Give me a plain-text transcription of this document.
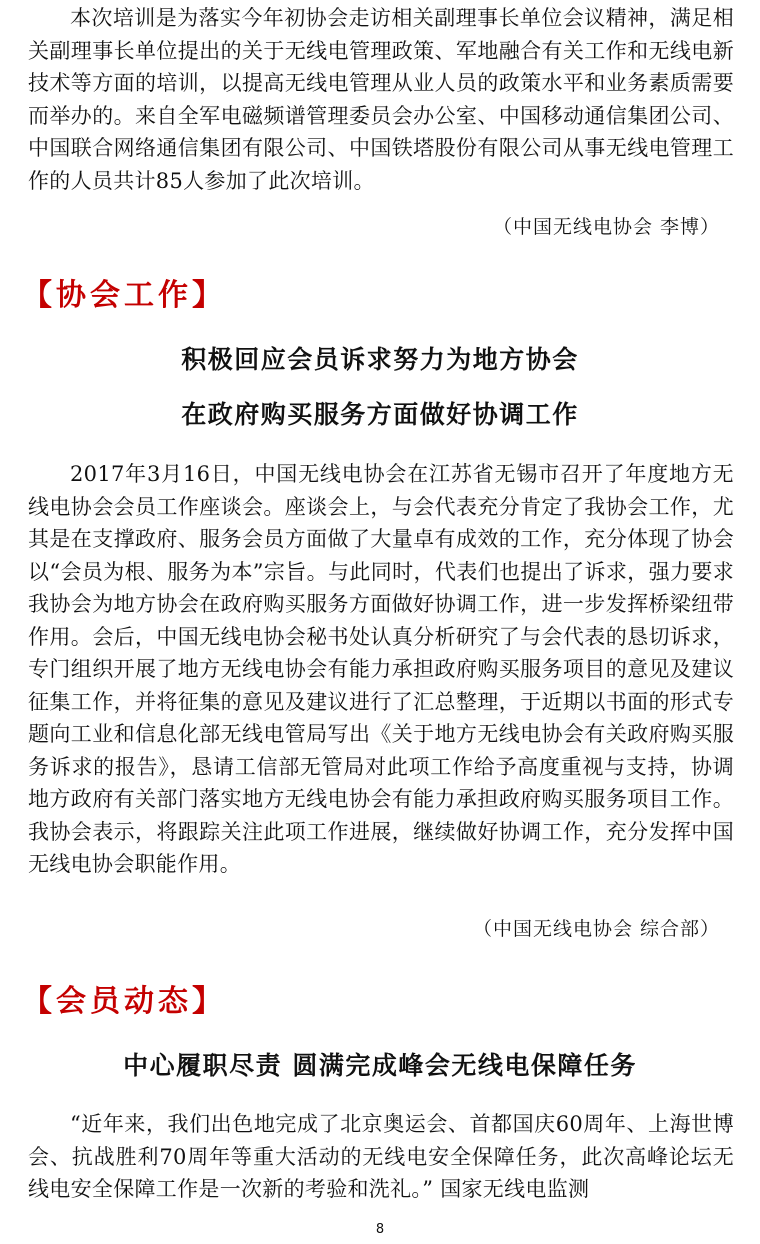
本次培训是为落实今年初协会走访相关副理事长单位会议精神，满足相关副理事长单位提出的关于无线电管理政策、军地融合有关工作和无线电新技术等方面的培训，以提高无线电管理从业人员的政策水平和业务素质需要而举办的。来自全军电磁频谱管理委员会办公室、中国移动通信集团公司、中国联合网络通信集团有限公司、中国铁塔股份有限公司从事无线电管理工作的人员共计85人参加了此次培训。

（中国无线电协会 李博）
【协会工作】
积极回应会员诉求努力为地方协会
在政府购买服务方面做好协调工作

2017年3月16日，中国无线电协会在江苏省无锡市召开了年度地方无线电协会会员工作座谈会。座谈会上，与会代表充分肯定了我协会工作，尤其是在支撑政府、服务会员方面做了大量卓有成效的工作，充分体现了协会以“会员为根、服务为本”宗旨。与此同时，代表们也提出了诉求，强力要求我协会为地方协会在政府购买服务方面做好协调工作，进一步发挥桥梁纽带作用。会后，中国无线电协会秘书处认真分析研究了与会代表的恳切诉求，专门组织开展了地方无线电协会有能力承担政府购买服务项目的意见及建议征集工作，并将征集的意见及建议进行了汇总整理，于近期以书面的形式专题向工业和信息化部无线电管局写出《关于地方无线电协会有关政府购买服务诉求的报告》，恳请工信部无管局对此项工作给予高度重视与支持，协调地方政府有关部门落实地方无线电协会有能力承担政府购买服务项目工作。我协会表示，将跟踪关注此项工作进展，继续做好协调工作，充分发挥中国无线电协会职能作用。

（中国无线电协会 综合部）
【会员动态】
中心履职尽责 圆满完成峰会无线电保障任务

“近年来，我们出色地完成了北京奥运会、首都国庆60周年、上海世博会、抗战胜利70周年等重大活动的无线电安全保障任务，此次高峰论坛无线电安全保障工作是一次新的考验和洗礼。” 国家无线电监测

8
